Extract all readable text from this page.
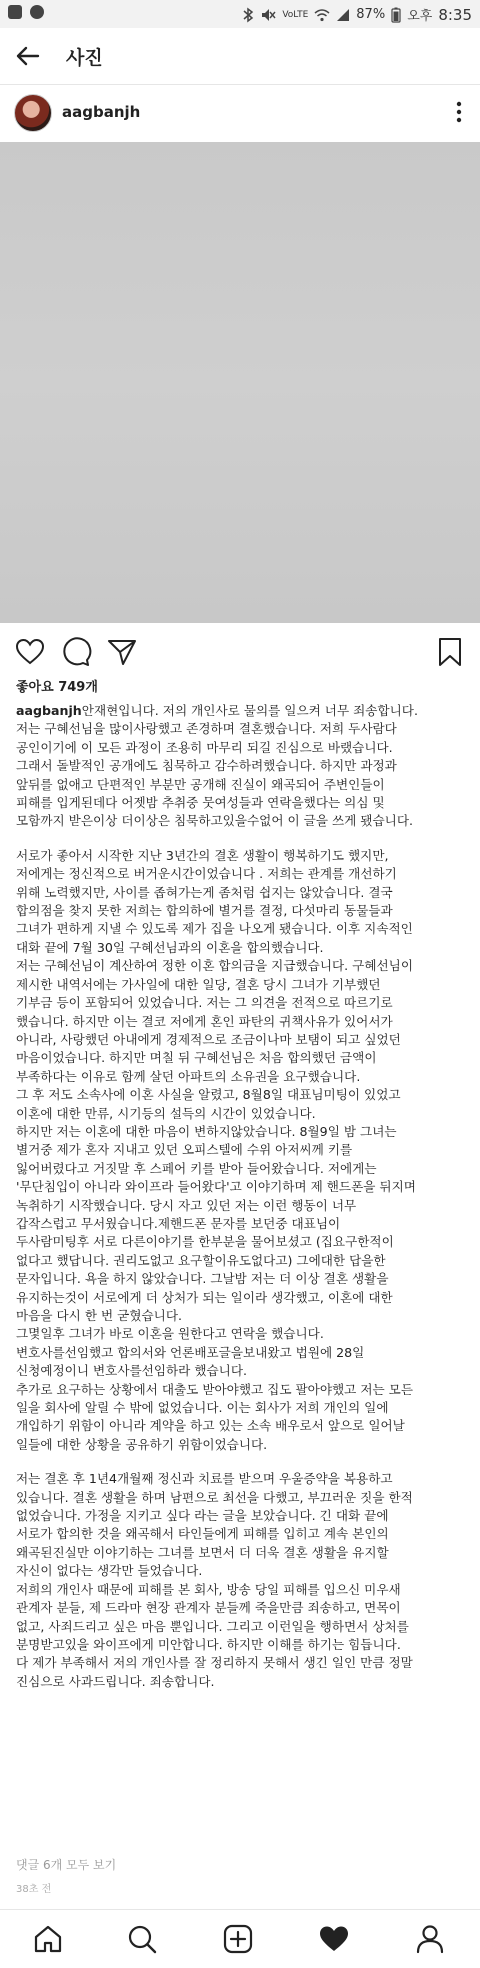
VoLTE	87% 오후 8:35
사진
aagbanjh
좋아요 749개

aagbanjh안재현입니다. 저의 개인사로 물의를 일으켜 너무 죄송합니다.

저는 구혜선님을 많이사랑했고 존경하며 결혼했습니다. 저희 두사람다

공인이기에 이 모든 과정이 조용히 마무리 되길 진심으로 바랬습니다.

그래서 돌발적인 공개에도 침묵하고 감수하려했습니다. 하지만 과정과

앞뒤를 없애고 단편적인 부분만 공개해 진실이 왜곡되어 주변인들이

피해를 입게된데다 어젯밤 추취중 뭇여성들과 연락을했다는 의심 및

모함까지 받은이상 더이상은 침묵하고있을수없어 이 글을 쓰게 됐습니다.

서로가 좋아서 시작한 지난 3년간의 결혼 생활이 행복하기도 했지만,

저에게는 정신적으로 버거운시간이었습니다 . 저희는 관계를 개선하기

위해 노력했지만, 사이를 좁혀가는게 좀처럼 쉽지는 않았습니다. 결국

합의점을 찾지 못한 저희는 합의하에 별거를 결정, 다섯마리 동물들과

그녀가 편하게 지낼 수 있도록 제가 집을 나오게 됐습니다. 이후 지속적인

대화 끝에 7월 30일 구혜선님과의 이혼을 합의했습니다.

저는 구혜선님이 계산하여 정한 이혼 합의금을 지급했습니다. 구혜선님이

제시한 내역서에는 가사일에 대한 일당, 결혼 당시 그녀가 기부했던

기부금 등이 포함되어 있었습니다. 저는 그 의견을 전적으로 따르기로

했습니다. 하지만 이는 결코 저에게 혼인 파탄의 귀책사유가 있어서가

아니라, 사랑했던 아내에게 경제적으로 조금이나마 보탬이 되고 싶었던

마음이었습니다. 하지만 며칠 뒤 구혜선님은 처음 합의했던 금액이

부족하다는 이유로 함께 살던 아파트의 소유권을 요구했습니다.

그 후 저도 소속사에 이혼 사실을 알렸고, 8월8일 대표님미팅이 있었고

이혼에 대한 만류, 시기등의 설득의 시간이 있었습니다.

하지만 저는 이혼에 대한 마음이 변하지않았습니다. 8월9일 밤 그녀는

별거중 제가 혼자 지내고 있던 오피스텔에 수위 아저씨께 키를

잃어버렸다고 거짓말 후 스페어 키를 받아 들어왔습니다. 저에게는

'무단침입이 아니라 와이프라 들어왔다'고 이야기하며 제 핸드폰을 뒤지며

녹취하기 시작했습니다. 당시 자고 있던 저는 이런 행동이 너무

갑작스럽고 무서웠습니다.제핸드폰 문자를 보던중 대표님이

두사람미팅후 서로 다른이야기를 한부분을 물어보셨고 (집요구한적이

없다고 했답니다. 권리도없고 요구할이유도없다고) 그에대한 답을한

문자입니다. 욕을 하지 않았습니다. 그날밤 저는 더 이상 결혼 생활을

유지하는것이 서로에게 더 상처가 되는 일이라 생각했고, 이혼에 대한

마음을 다시 한 번 굳혔습니다.

그몇일후 그녀가 바로 이혼을 원한다고 연락을 했습니다.

변호사를선임했고 합의서와 언론배포글을보내왔고 법원에 28일

신청예정이니 변호사를선임하라 했습니다.

추가로 요구하는 상황에서 대출도 받아야했고 집도 팔아야했고 저는 모든

일을 회사에 알릴 수 밖에 없었습니다. 이는 회사가 저희 개인의 일에

개입하기 위함이 아니라 계약을 하고 있는 소속 배우로서 앞으로 일어날

일들에 대한 상황을 공유하기 위함이었습니다.

저는 결혼 후 1년4개월째 정신과 치료를 받으며 우울증약을 복용하고

있습니다. 결혼 생활을 하며 남편으로 최선을 다했고, 부끄러운 짓을 한적

없었습니다. 가정을 지키고 싶다 라는 글을 보았습니다. 긴 대화 끝에

서로가 합의한 것을 왜곡해서 타인들에게 피해를 입히고 계속 본인의

왜곡된진실만 이야기하는 그녀를 보면서 더 더욱 결혼 생활을 유지할

자신이 없다는 생각만 들었습니다.

저희의 개인사 때문에 피해를 본 회사, 방송 당일 피해를 입으신 미우새

관계자 분들, 제 드라마 현장 관계자 분들께 죽을만큼 죄송하고, 면목이

없고, 사죄드리고 싶은 마음 뿐입니다. 그리고 이런일을 행하면서 상처를

분명받고있을 와이프에게 미안합니다. 하지만 이해를 하기는 힘듭니다.

다 제가 부족해서 저의 개인사를 잘 정리하지 못해서 생긴 일인 만큼 정말

진심으로 사과드립니다. 죄송합니다.

댓글 6개 모두 보기
38초 전
